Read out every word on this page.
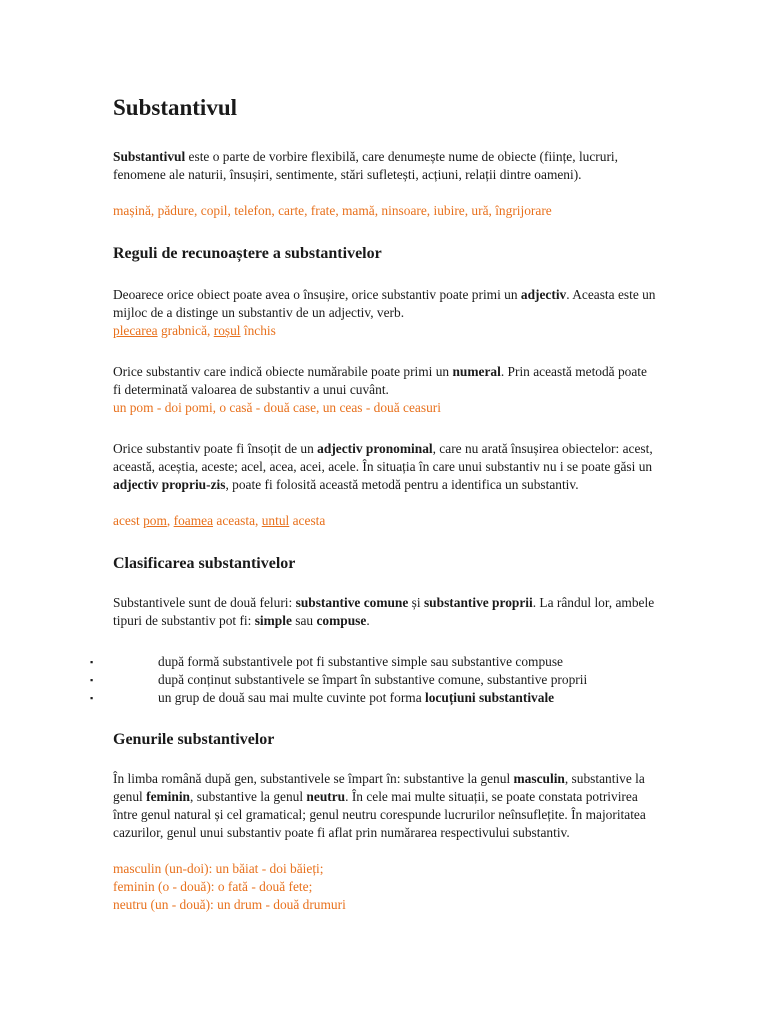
Substantivul

Substantivul este o parte de vorbire flexibilă, care denumește nume de obiecte (ființe, lucruri, fenomene ale naturii, însușiri, sentimente, stări sufletești, acțiuni, relații dintre oameni).

mașină, pădure, copil, telefon, carte, frate, mamă, ninsoare, iubire, ură, îngrijorare

Reguli de recunoaștere a substantivelor

Deoarece orice obiect poate avea o însușire, orice substantiv poate primi un adjectiv. Aceasta este un mijloc de a distinge un substantiv de un adjectiv, verb.

plecarea grabnică, roșul închis

Orice substantiv care indică obiecte numărabile poate primi un numeral. Prin această metodă poate fi determinată valoarea de substantiv a unui cuvânt.

un pom - doi pomi, o casă - două case, un ceas - două ceasuri

Orice substantiv poate fi însoțit de un adjectiv pronominal, care nu arată însușirea obiectelor: acest, această, aceștia, aceste; acel, acea, acei, acele. În situația în care unui substantiv nu i se poate găsi un adjectiv propriu-zis, poate fi folosită această metodă pentru a identifica un substantiv.

acest pom, foamea aceasta, untul acesta

Clasificarea substantivelor

Substantivele sunt de două feluri: substantive comune și substantive proprii. La rândul lor, ambele tipuri de substantiv pot fi: simple sau compuse.

▪	după formă substantivele pot fi substantive simple sau substantive compuse
▪	după conținut substantivele se împart în substantive comune, substantive proprii
▪	un grup de două sau mai multe cuvinte pot forma locuțiuni substantivale
Genurile substantivelor

În limba română după gen, substantivele se împart în: substantive la genul masculin, substantive la genul feminin, substantive la genul neutru. În cele mai multe situații, se poate constata potrivirea între genul natural și cel gramatical; genul neutru corespunde lucrurilor neînsuflețite. În majoritatea cazurilor, genul unui substantiv poate fi aflat prin numărarea respectivului substantiv.

masculin (un-doi): un băiat - doi băieți;

feminin (o - două): o fată - două fete;

neutru (un - două): un drum - două drumuri
